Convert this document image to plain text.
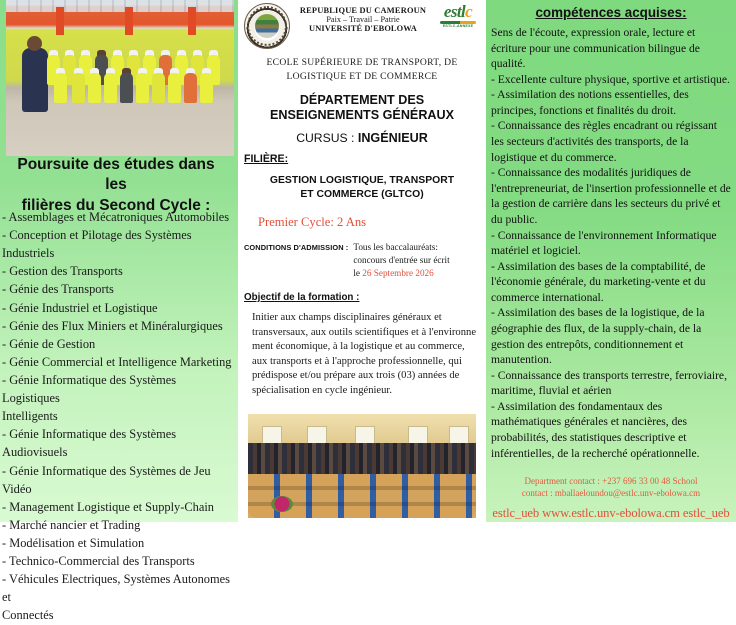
Poursuite des études dans les
filières du Second Cycle :
- Assemblages et Mécatroniques Automobiles
- Conception et Pilotage des Systèmes
Industriels
- Gestion des Transports
- Génie des Transports
- Génie Industriel et Logistique
- Génie des Flux Miniers et Minéralurgiques
- Génie de Gestion
- Génie Commercial et Intelligence Marketing
- Génie Informatique des Systèmes Logistiques
Intelligents
- Génie Informatique des Systèmes Audiovisuels
- Génie Informatique des Systèmes de Jeu Vidéo
- Management Logistique et Supply-Chain
- Marché nancier et Trading
- Modélisation et Simulation
- Technico-Commercial des Transports
- Véhicules Electriques, Systèmes Autonomes et
Connectés
REPUBLIQUE DU CAMEROUN
Paix – Travail – Patrie
UNIVERSITÉ D'EBOLOWA
estlc
ESTLC-ANNEXE
ECOLE SUPÉRIEURE DE TRANSPORT, DE
LOGISTIQUE ET DE COMMERCE
DÉPARTEMENT DES
ENSEIGNEMENTS GÉNÉRAUX
CURSUS : INGÉNIEUR
FILIÈRE:
GESTION LOGISTIQUE, TRANSPORT
ET COMMERCE (GLTCO)
Premier Cycle: 2 Ans
CONDITIONS D'ADMISSION : Tous les baccalauréats:
concours d'entrée sur écrit
le 26 Septembre 2026
Objectif de la formation :
Initier aux champs disciplinaires généraux et transversaux, aux outils scientifiques et à l'environne ment économique, à la logistique et au commerce, aux transports et à l'approche professionnelle, qui prédispose et/ou prépare aux trois (03) années de spécialisation en cycle ingénieur.
compétences acquises:

Sens de l'écoute, expression orale, lecture et écriture pour une communication bilingue de qualité.

- Excellente culture physique, sportive et artistique.

- Assimilation des notions essentielles, des principes, fonctions et finalités du droit.

- Connaissance des règles encadrant ou régissant les secteurs d'activités des transports, de la logistique et du commerce.

- Connaissance des modalités juridiques de l'entrepreneuriat, de l'insertion professionnelle et de la gestion de carrière dans les secteurs du privé et du public.

- Connaissance de l'environnement Informatique matériel et logiciel.

- Assimilation des bases de la comptabilité, de l'économie générale, du marketing-vente et du commerce international.

- Assimilation des bases de la logistique, de la géographie des flux, de la supply-chain, de la gestion des entrepôts, conditionnement et manutention.

- Connaissance des transports terrestre, ferroviaire, maritime, fluvial et aérien

- Assimilation des fondamentaux des mathématiques générales et nancières, des probabilités, des statistiques descriptive et inférentielles, de la recherché opérationnelle.

Department contact : +237 696 33 00 48 School
contact : mballaeloundou@estlc.unv-ebolowa.cm
estlc_ueb www.estlc.unv-ebolowa.cm estlc_ueb
